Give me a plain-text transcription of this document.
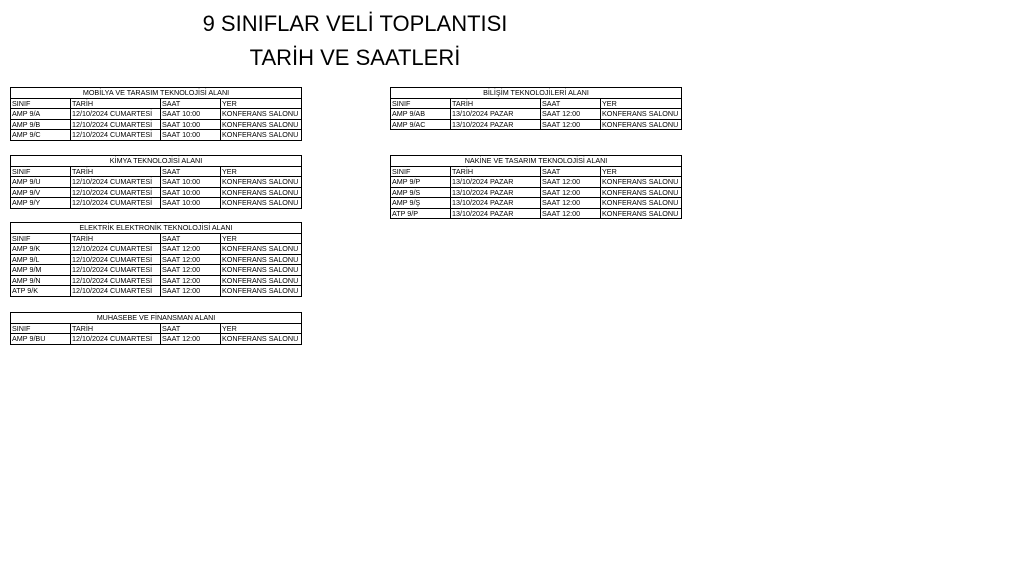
9 SINIFLAR VELİ TOPLANTISI
TARİH VE SAATLERİ
MOBİLYA VE TARASIM TEKNOLOJİSİ ALANI			
SINIF	TARİH	SAAT	YER
AMP 9/A	12/10/2024 CUMARTESİ	SAAT 10:00	KONFERANS SALONU
AMP 9/B	12/10/2024 CUMARTESİ	SAAT 10:00	KONFERANS SALONU
AMP 9/C	12/10/2024 CUMARTESİ	SAAT 10:00	KONFERANS SALONU
KİMYA TEKNOLOJİSİ ALANI			
SINIF	TARİH	SAAT	YER
AMP 9/U	12/10/2024 CUMARTESİ	SAAT 10:00	KONFERANS SALONU
AMP 9/V	12/10/2024 CUMARTESİ	SAAT 10:00	KONFERANS SALONU
AMP 9/Y	12/10/2024 CUMARTESİ	SAAT 10:00	KONFERANS SALONU
ELEKTRİK ELEKTRONİK TEKNOLOJİSİ ALANI			
SINIF	TARİH	SAAT	YER
AMP 9/K	12/10/2024 CUMARTESİ	SAAT 12:00	KONFERANS SALONU
AMP 9/L	12/10/2024 CUMARTESİ	SAAT 12:00	KONFERANS SALONU
AMP 9/M	12/10/2024 CUMARTESİ	SAAT 12:00	KONFERANS SALONU
AMP 9/N	12/10/2024 CUMARTESİ	SAAT 12:00	KONFERANS SALONU
ATP 9/K	12/10/2024 CUMARTESİ	SAAT 12:00	KONFERANS SALONU
MUHASEBE VE FİNANSMAN ALANI			
SINIF	TARİH	SAAT	YER
AMP 9/BU	12/10/2024 CUMARTESİ	SAAT 12:00	KONFERANS SALONU
BİLİŞİM TEKNOLOJİLERİ ALANI			
SINIF	TARİH	SAAT	YER
AMP 9/AB	13/10/2024 PAZAR	SAAT 12:00	KONFERANS SALONU
AMP 9/AC	13/10/2024 PAZAR	SAAT 12:00	KONFERANS SALONU
NAKİNE VE TASARIM TEKNOLOJİSİ ALANI			
SINIF	TARİH	SAAT	YER
AMP 9/P	13/10/2024 PAZAR	SAAT 12:00	KONFERANS SALONU
AMP 9/S	13/10/2024 PAZAR	SAAT 12:00	KONFERANS SALONU
AMP 9/Ş	13/10/2024 PAZAR	SAAT 12:00	KONFERANS SALONU
ATP 9/P	13/10/2024 PAZAR	SAAT 12:00	KONFERANS SALONU
